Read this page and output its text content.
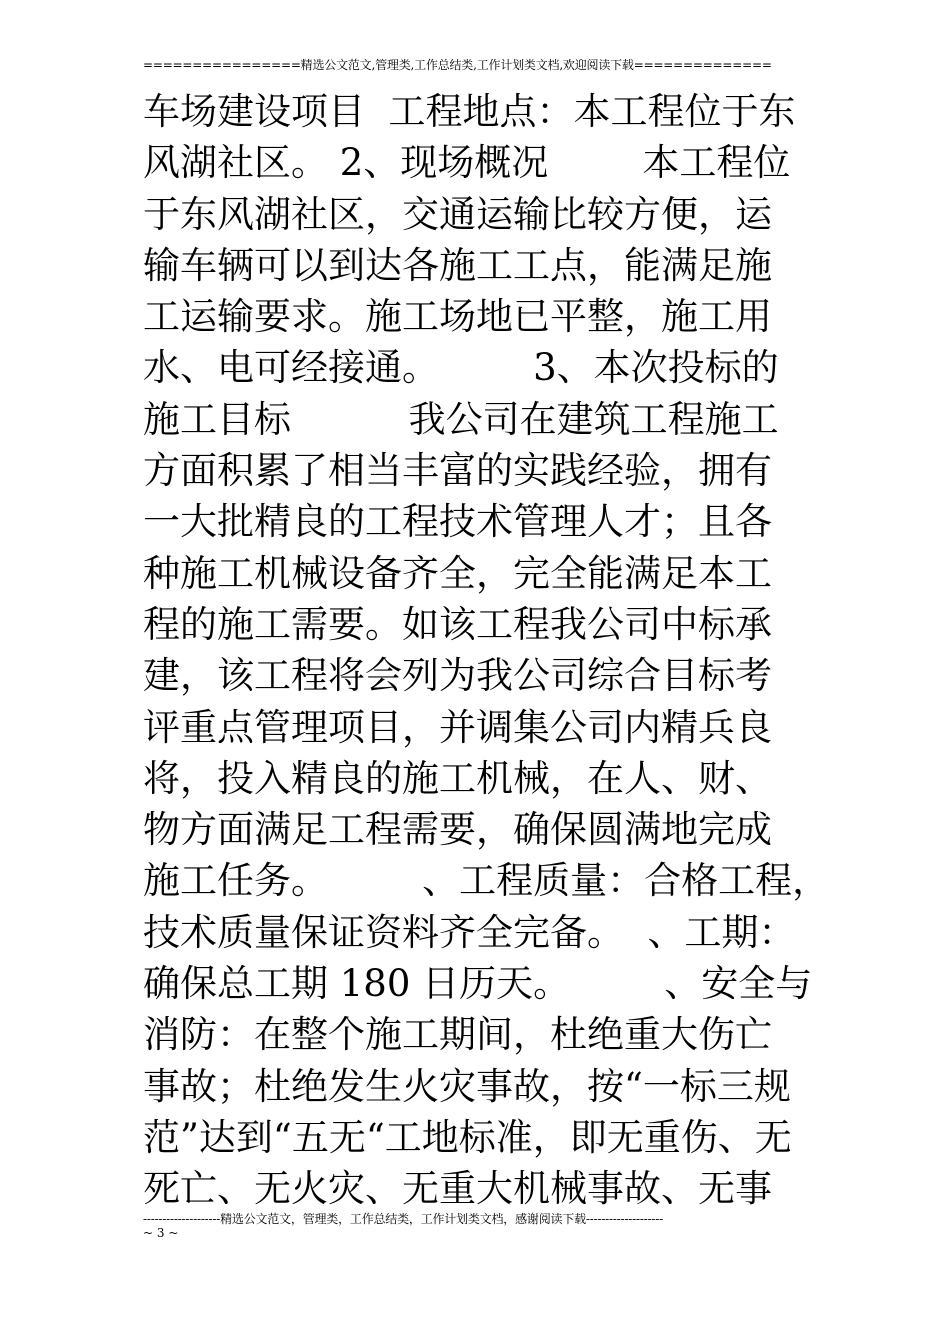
================精选公文范文,管理类,工作总结类,工作计划类文档,欢迎阅读下载==============
车场建设项目  工程地点：本工程位于东
风湖社区。 2、现场概况        本工程位
于东风湖社区，交通运输比较方便，运
输车辆可以到达各施工工点，能满足施
工运输要求。施工场地已平整，施工用
水、电可经接通。        3、本次投标的
施工目标          我公司在建筑工程施工
方面积累了相当丰富的实践经验，拥有
一大批精良的工程技术管理人才；且各
种施工机械设备齐全，完全能满足本工
程的施工需要。如该工程我公司中标承
建，该工程将会列为我公司综合目标考
评重点管理项目，并调集公司内精兵良
将，投入精良的施工机械，在人、财、
物方面满足工程需要，确保圆满地完成
施工任务。        、工程质量：合格工程，
技术质量保证资料齐全完备。  、工期：
确保总工期 180 日历天。        、安全与
消防：在整个施工期间，杜绝重大伤亡
事故；杜绝发生火灾事故，按“一标三规
范”达到“五无“工地标准，即无重伤、无
死亡、无火灾、无重大机械事故、无事
--------------------精选公文范文，管理类，工作总结类，工作计划类文档，感谢阅读下载--------------------
~ 3 ~
